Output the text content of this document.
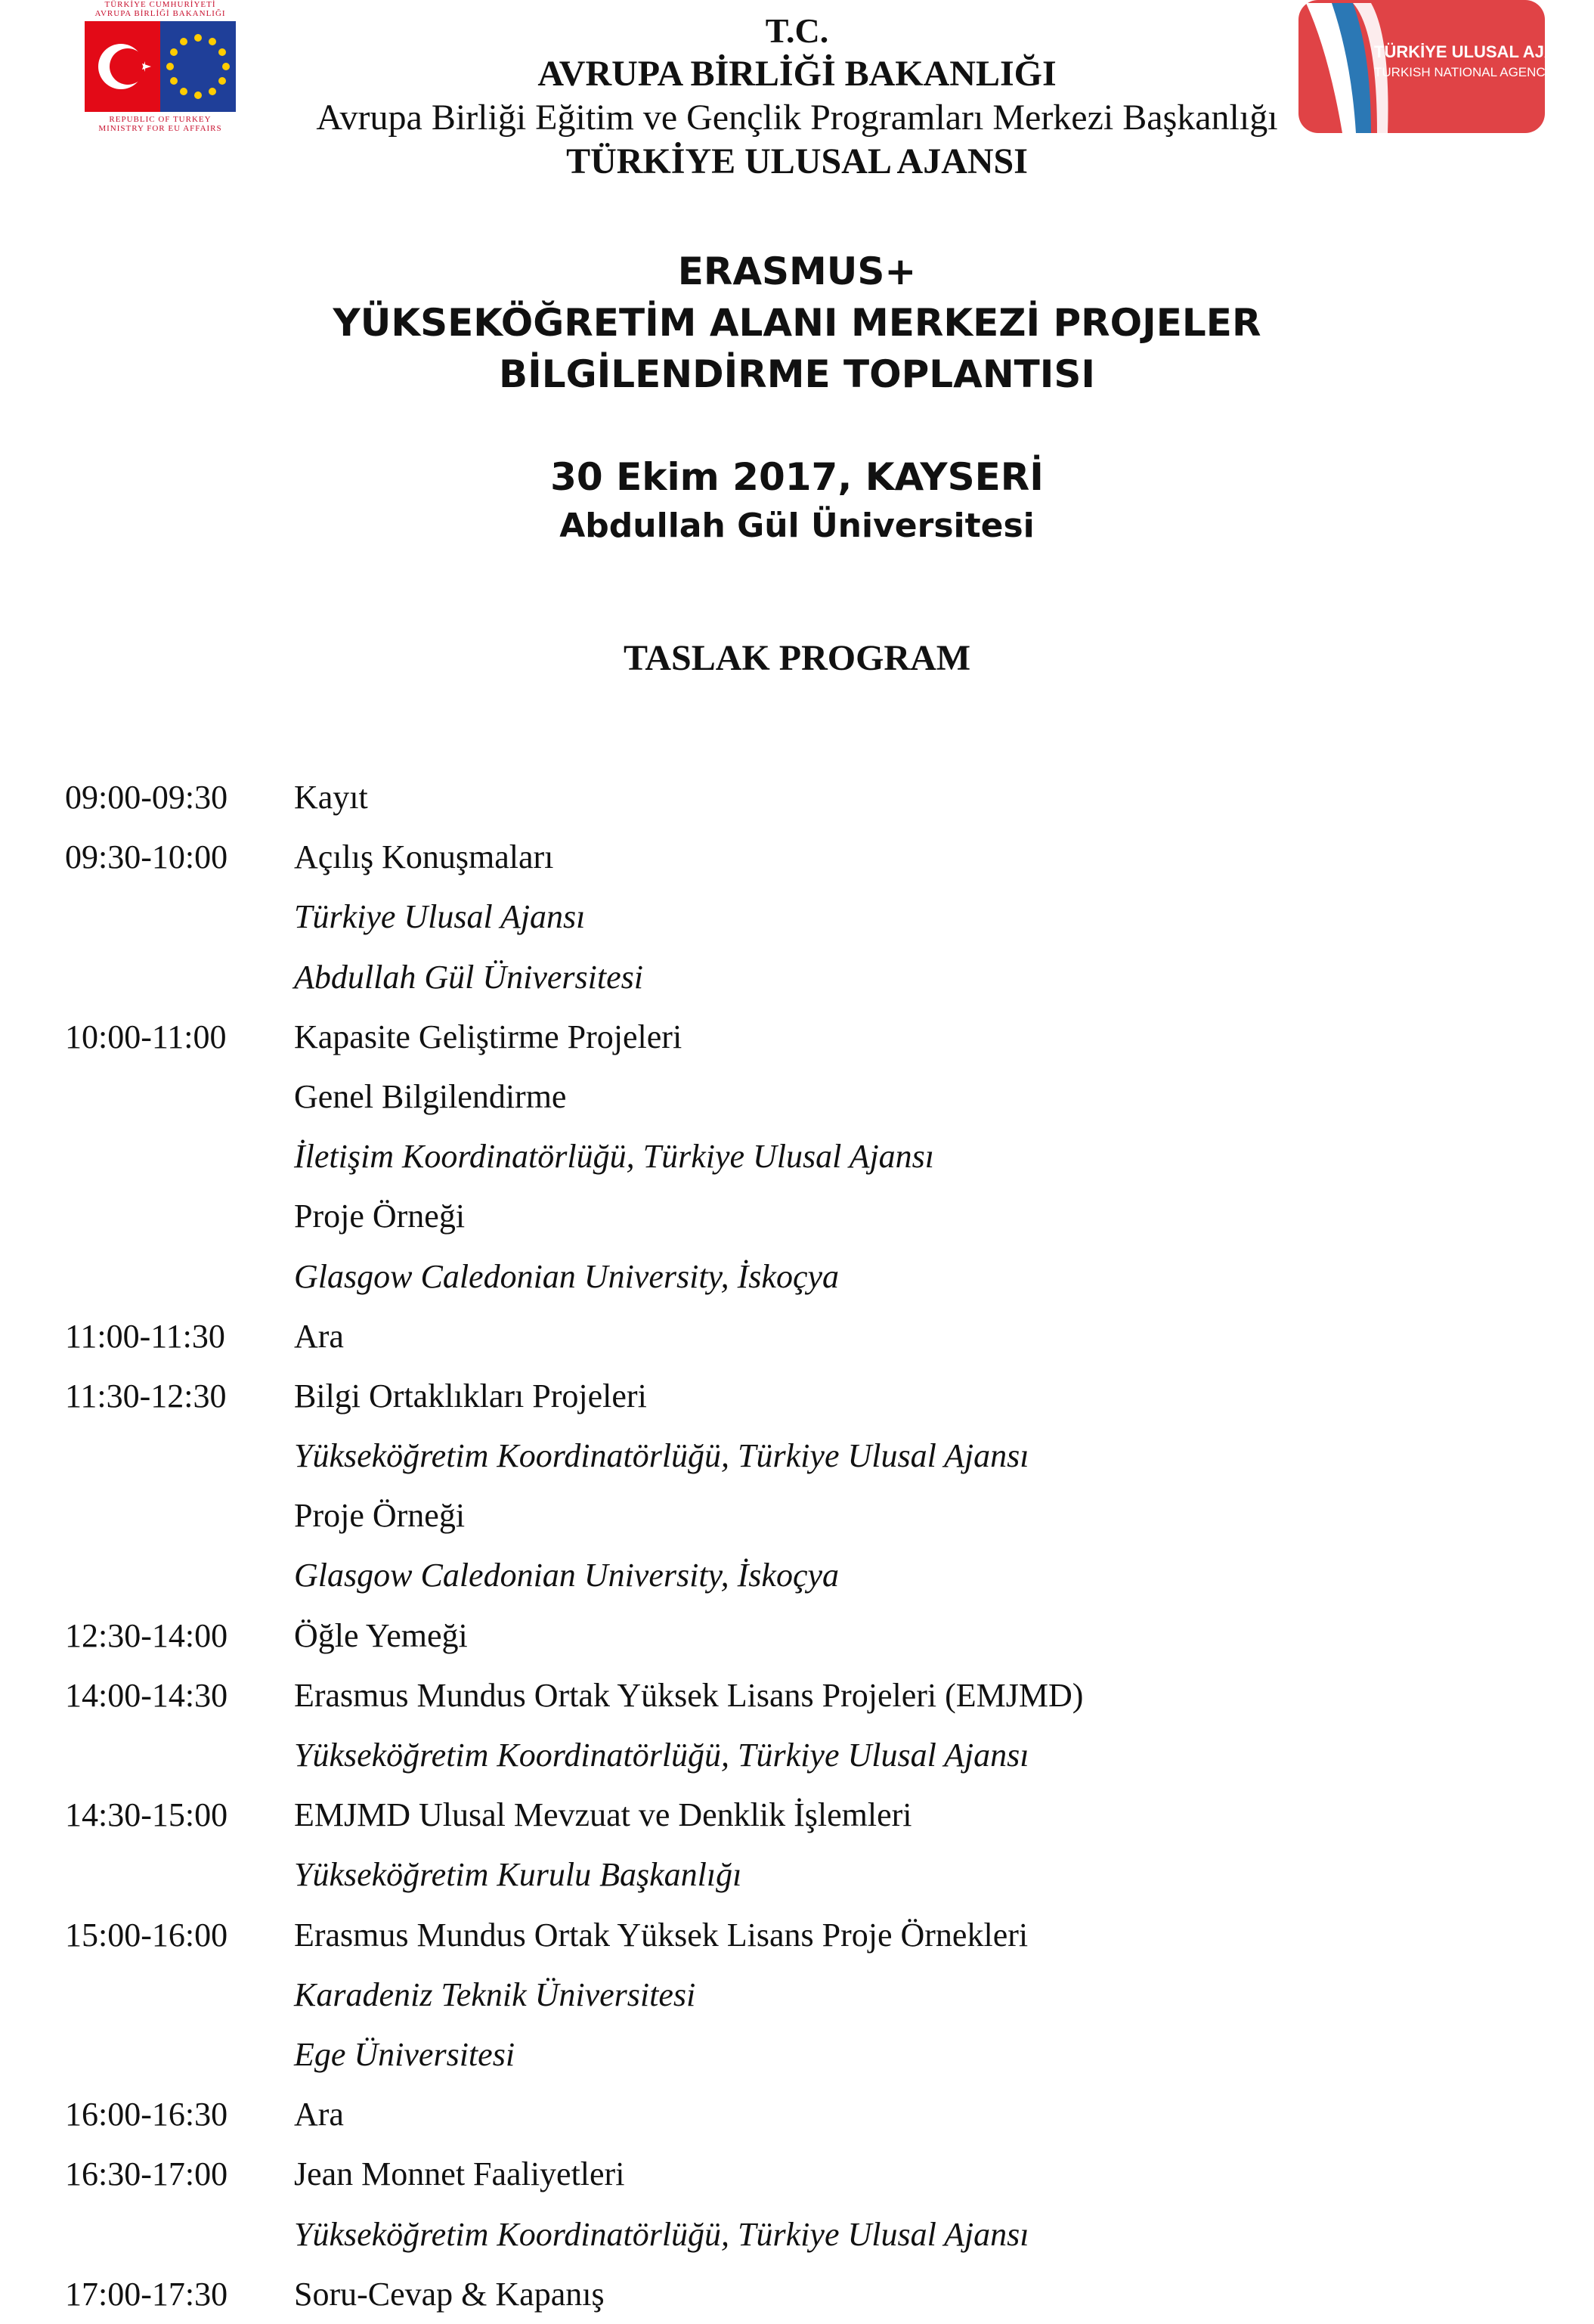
TÜRKİYE CUMHURİYETİ
AVRUPA BİRLİĞİ BAKANLIĞI
REPUBLIC OF TURKEY
MINISTRY FOR EU AFFAIRS
TÜRKİYE ULUSAL AJANSI
TURKISH NATIONAL AGENCY
T.C.
AVRUPA BİRLİĞİ BAKANLIĞI
Avrupa Birliği Eğitim ve Gençlik Programları Merkezi Başkanlığı
TÜRKİYE ULUSAL AJANSI
ERASMUS+
YÜKSEKÖĞRETİM ALANI MERKEZİ PROJELER
BİLGİLENDİRME TOPLANTISI
30 Ekim 2017, KAYSERİ
Abdullah Gül Üniversitesi
TASLAK PROGRAM
09:00-09:30 Kayıt
09:30-10:00 Açılış Konuşmaları
Türkiye Ulusal Ajansı
Abdullah Gül Üniversitesi
10:00-11:00 Kapasite Geliştirme Projeleri
Genel Bilgilendirme
İletişim Koordinatörlüğü, Türkiye Ulusal Ajansı
Proje Örneği
Glasgow Caledonian University, İskoçya
11:00-11:30 Ara
11:30-12:30 Bilgi Ortaklıkları Projeleri
Yükseköğretim Koordinatörlüğü, Türkiye Ulusal Ajansı
Proje Örneği
Glasgow Caledonian University, İskoçya
12:30-14:00 Öğle Yemeği
14:00-14:30 Erasmus Mundus Ortak Yüksek Lisans Projeleri (EMJMD)
Yükseköğretim Koordinatörlüğü, Türkiye Ulusal Ajansı
14:30-15:00 EMJMD Ulusal Mevzuat ve Denklik İşlemleri
Yükseköğretim Kurulu Başkanlığı
15:00-16:00 Erasmus Mundus Ortak Yüksek Lisans Proje Örnekleri
Karadeniz Teknik Üniversitesi
Ege Üniversitesi
16:00-16:30 Ara
16:30-17:00 Jean Monnet Faaliyetleri
Yükseköğretim Koordinatörlüğü, Türkiye Ulusal Ajansı
17:00-17:30 Soru-Cevap & Kapanış
